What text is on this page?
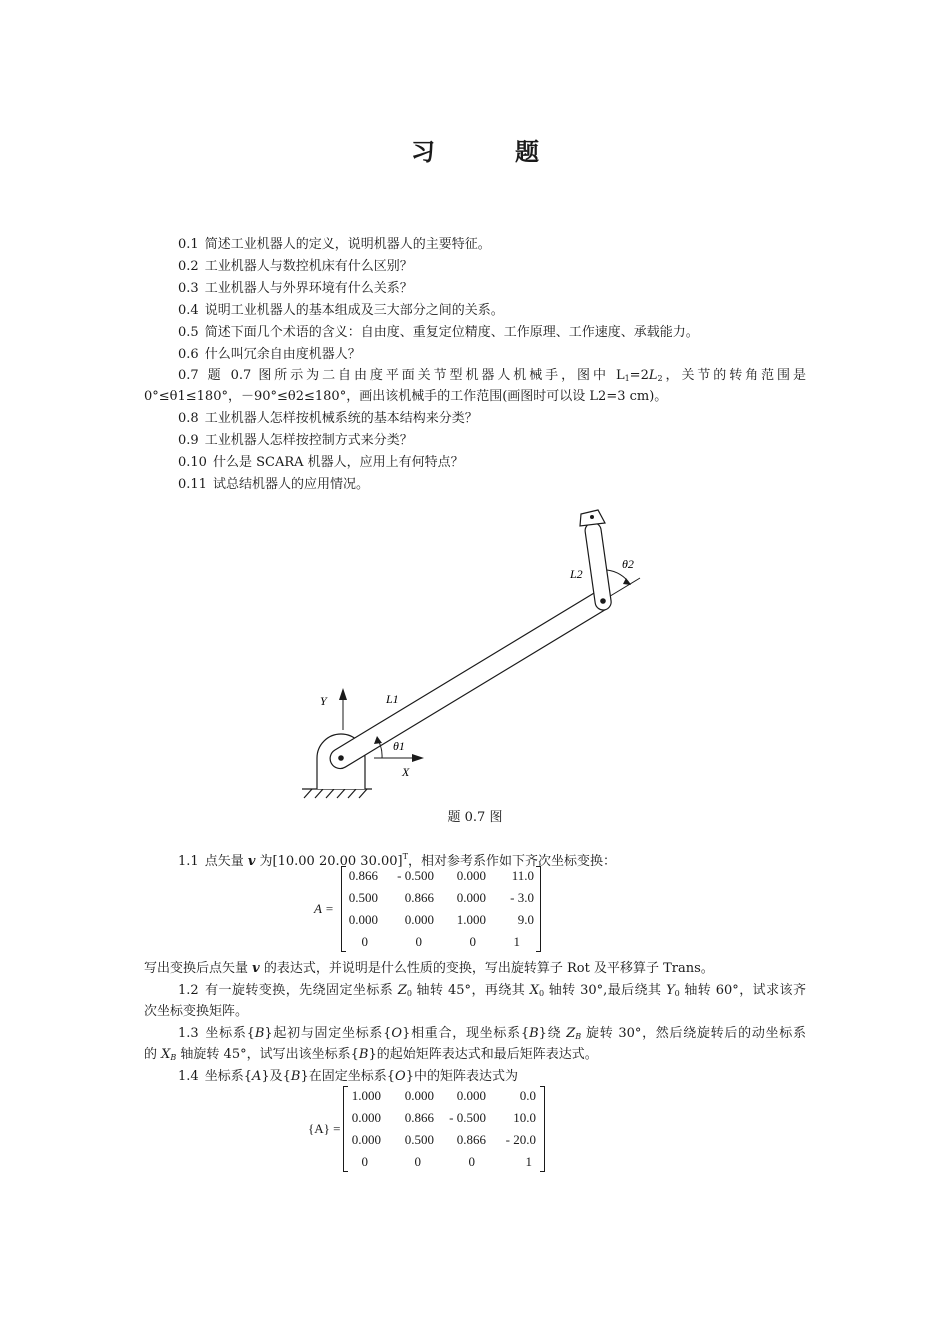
习　题
0.1 简述工业机器人的定义，说明机器人的主要特征。
0.2 工业机器人与数控机床有什么区别？
0.3 工业机器人与外界环境有什么关系？
0.4 说明工业机器人的基本组成及三大部分之间的关系。
0.5 简述下面几个术语的含义：自由度、重复定位精度、工作原理、工作速度、承载能力。
0.6 什么叫冗余自由度机器人？
0.7 题 0.7 图所示为二自由度平面关节型机器人机械手，图中 $L_1=2L_2$，关节的转角范围是
0°≤θ1≤180°，－90°≤θ2≤180°，画出该机械手的工作范围(画图时可以设 L2=3 cm)。
0.8 工业机器人怎样按机械系统的基本结构来分类？
0.9 工业机器人怎样按控制方式来分类？
0.10 什么是 SCARA 机器人，应用上有何特点？
0.11 试总结机器人的应用情况。
Y
X
L1
L2
θ1
θ2
题 0.7 图
1.1 点矢量 v 为[10.00 20.00 30.00]$^T$，相对参考系作如下齐次坐标变换：
A =
0.866	- 0.500	0.000	11.0
0.500	0.866	0.000	- 3.0
0.000	0.000	1.000	9.0
0	0	0	1
写出变换后点矢量 v 的表达式，并说明是什么性质的变换，写出旋转算子 Rot 及平移算子 Trans。
1.2 有一旋转变换，先绕固定坐标系 $Z_0$ 轴转 45°，再绕其 $X_0$ 轴转 30°,最后绕其 $Y_0$ 轴转 60°，试求该齐
次坐标变换矩阵。
1.3 坐标系{B}起初与固定坐标系{O}相重合，现坐标系{B}绕 $Z_B$ 旋转 30°，然后绕旋转后的动坐标系
的 $X_B$ 轴旋转 45°，试写出该坐标系{B}的起始矩阵表达式和最后矩阵表达式。
1.4 坐标系{A}及{B}在固定坐标系{O}中的矩阵表达式为
{A} =
1.000	0.000	0.000	0.0
0.000	0.866	- 0.500	10.0
0.000	0.500	0.866	- 20.0
0	0	0	1
